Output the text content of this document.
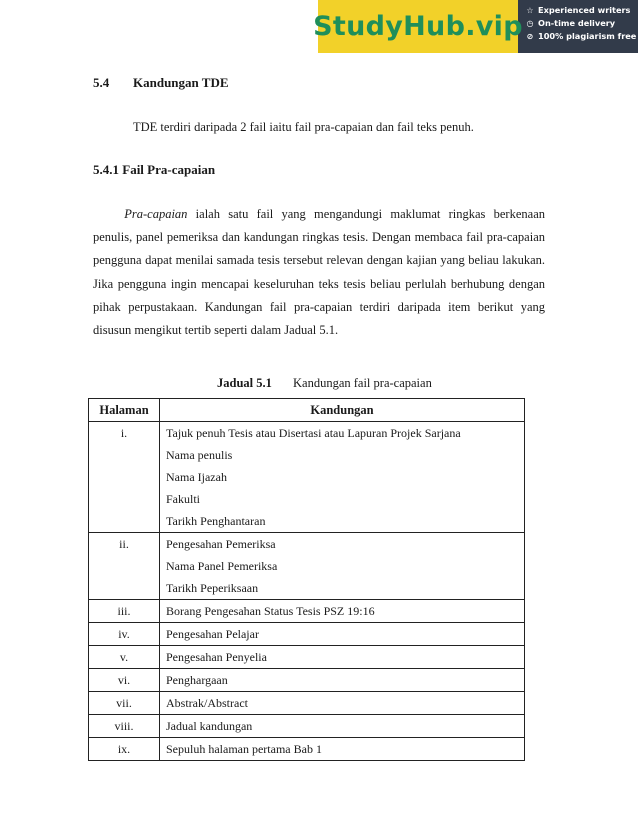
StudyHub.vip
☆ Experienced writers
◷ On-time delivery
⊘ 100% plagiarism free
5.4 Kandungan TDE
TDE terdiri daripada 2 fail iaitu fail pra-capaian dan fail teks penuh.
5.4.1 Fail Pra-capaian

   Pra-capaian ialah satu fail yang mengandungi maklumat ringkas berkenaan penulis, panel pemeriksa dan kandungan ringkas tesis. Dengan membaca fail pra-capaian pengguna dapat menilai samada tesis tersebut relevan dengan kajian yang beliau lakukan. Jika pengguna ingin mencapai keseluruhan teks tesis beliau perlulah berhubung dengan pihak perpustakaan. Kandungan fail pra-capaian terdiri daripada item berikut yang disusun mengikut tertib seperti dalam Jadual 5.1.

Jadual 5.1 Kandungan fail pra-capaian
Halaman	Kandungan
i.	Tajuk penuh Tesis atau Disertasi atau Lapuran Projek Sarjana
Nama penulis
Nama Ijazah
Fakulti
Tarikh Penghantaran

ii.	Pengesahan Pemeriksa
Nama Panel Pemeriksa
Tarikh Peperiksaan

iii.	Borang Pengesahan Status Tesis PSZ 19:16

iv.	Pengesahan Pelajar

v.	Pengesahan Penyelia

vi.	Penghargaan

vii.	Abstrak/Abstract

viii.	Jadual kandungan

ix.	Sepuluh halaman pertama Bab 1
